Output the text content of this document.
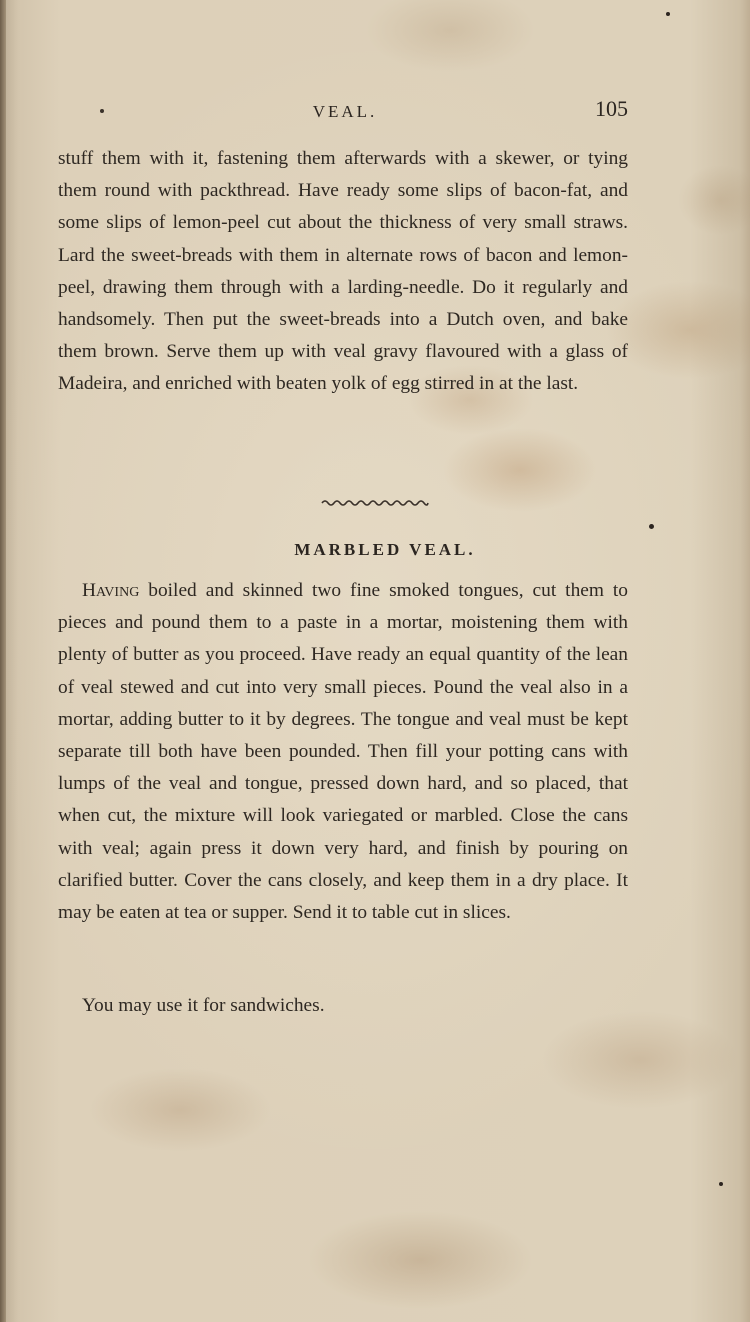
VEAL.	105

stuff them with it, fastening them afterwards with a skewer, or tying them round with packthread. Have ready some slips of bacon-fat, and some slips of lemon-peel cut about the thickness of very small straws. Lard the sweet-breads with them in alternate rows of bacon and lemon-peel, drawing them through with a larding-needle. Do it regularly and handsomely. Then put the sweet-breads into a Dutch oven, and bake them brown. Serve them up with veal gravy flavoured with a glass of Madeira, and enriched with beaten yolk of egg stirred in at the last.

MARBLED VEAL.

Having boiled and skinned two fine smoked tongues, cut them to pieces and pound them to a paste in a mortar, moistening them with plenty of butter as you proceed. Have ready an equal quantity of the lean of veal stewed and cut into very small pieces. Pound the veal also in a mortar, adding butter to it by degrees. The tongue and veal must be kept separate till both have been pounded. Then fill your potting cans with lumps of the veal and tongue, pressed down hard, and so placed, that when cut, the mixture will look variegated or marbled. Close the cans with veal; again press it down very hard, and finish by pouring on clarified butter. Cover the cans closely, and keep them in a dry place. It may be eaten at tea or supper. Send it to table cut in slices.

You may use it for sandwiches.
